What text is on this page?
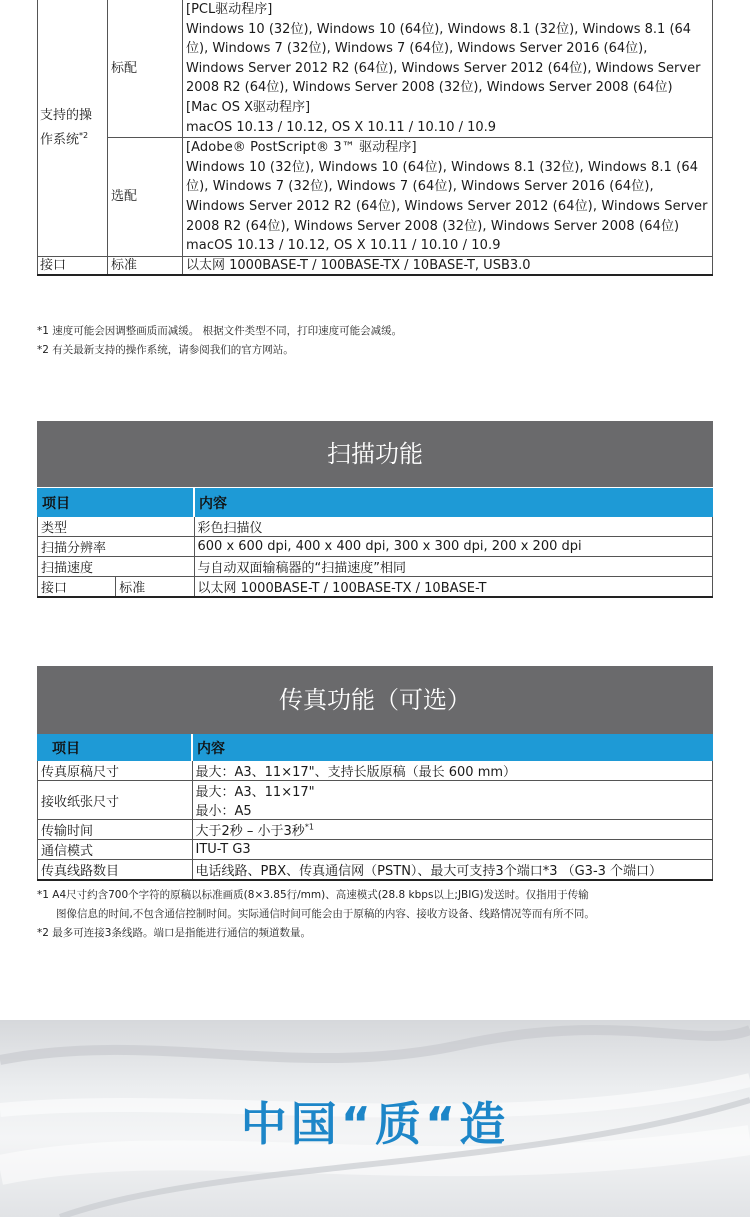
支持的操作系统$^{*2}$	标配	[PCL驱动程序]
Windows 10 (32位), Windows 10 (64位), Windows 8.1 (32位), Windows 8.1 (64位), Windows 7 (32位), Windows 7 (64位), Windows Server 2016 (64位), Windows Server 2012 R2 (64位), Windows Server 2012 (64位), Windows Server 2008 R2 (64位), Windows Server 2008 (32位), Windows Server 2008 (64位)
[Mac OS X驱动程序]
macOS 10.13 / 10.12, OS X 10.11 / 10.10 / 10.9

	选配	[Adobe® PostScript® 3™ 驱动程序]
Windows 10 (32位), Windows 10 (64位), Windows 8.1 (32位), Windows 8.1 (64位), Windows 7 (32位), Windows 7 (64位), Windows Server 2016 (64位), Windows Server 2012 R2 (64位), Windows Server 2012 (64位), Windows Server 2008 R2 (64位), Windows Server 2008 (32位), Windows Server 2008 (64位)
macOS 10.13 / 10.12, OS X 10.11 / 10.10 / 10.9

接口	标准	以太网 1000BASE-T / 100BASE-TX / 10BASE-T, USB3.0
*1 速度可能会因调整画质而减缓。 根据文件类型不同，打印速度可能会减缓。
*2 有关最新支持的操作系统，请参阅我们的官方网站。
扫描功能
项目		内容
类型		彩色扫描仪
扫描分辨率		600 x 600 dpi, 400 x 400 dpi, 300 x 300 dpi, 200 x 200 dpi
扫描速度		与自动双面输稿器的“扫描速度”相同
接口	标准	以太网 1000BASE-T / 100BASE-TX / 10BASE-T
传真功能（可选）
项目	内容
传真原稿尺寸	最大：A3、11×17"、支持长版原稿（最长 600 mm）
接收纸张尺寸	最大：A3、11×17"
最小：A5

传输时间	大于2秒 – 小于3秒$^{*1}$
通信模式	ITU-T G3
传真线路数目	电话线路、PBX、传真通信网（PSTN）、最大可支持3个端口*3 （G3-3 个端口）
*1 A4尺寸约含700个字符的原稿以标准画质(8×3.85行/mm)、高速模式(28.8 kbps以上;JBIG)发送时。仅指用于传输
图像信息的时间,不包含通信控制时间。实际通信时间可能会由于原稿的内容、接收方设备、线路情况等而有所不同。
*2 最多可连接3条线路。端口是指能进行通信的频道数量。
中国“质“造
